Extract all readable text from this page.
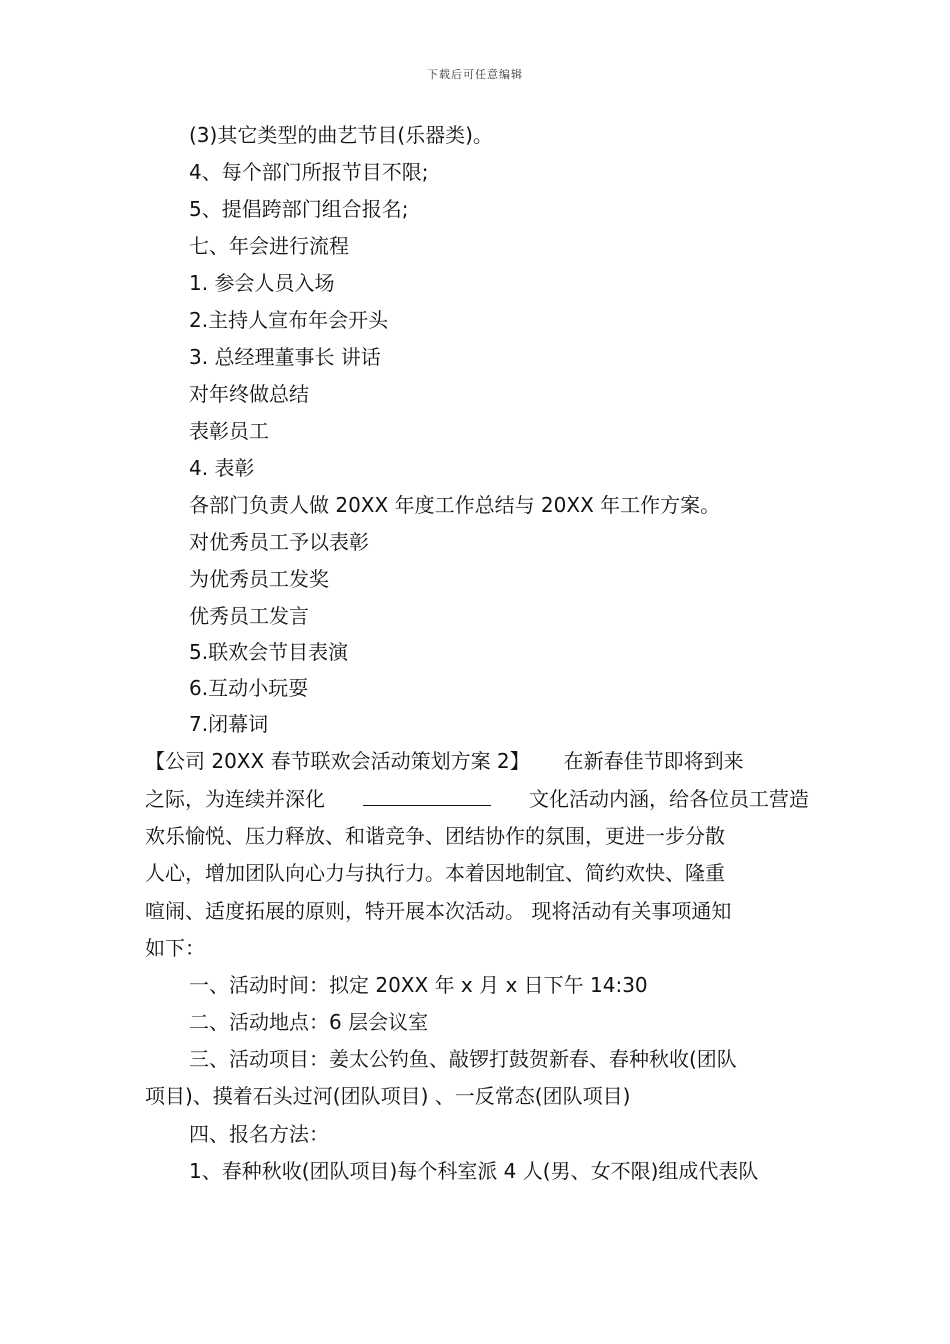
下载后可任意编辑
(3)其它类型的曲艺节目(乐器类)。
4、每个部门所报节目不限;
5、提倡跨部门组合报名;
七、年会进行流程
1. 参会人员入场
2.主持人宣布年会开头
3. 总经理董事长 讲话
对年终做总结
表彰员工
4. 表彰
各部门负责人做 20XX 年度工作总结与 20XX 年工作方案。
对优秀员工予以表彰
为优秀员工发奖
优秀员工发言
5.联欢会节目表演
6.互动小玩耍
7.闭幕词
【公司 20XX 春节联欢会活动策划方案 2】 在新春佳节即将到来
之际，为连续并深化	文化活动内涵，给各位员工营造
欢乐愉悦、压力释放、和谐竞争、团结协作的氛围，更进一步分散
人心，增加团队向心力与执行力。本着因地制宜、简约欢快、隆重
喧闹、适度拓展的原则，特开展本次活动。 现将活动有关事项通知
如下：
一、活动时间：拟定 20XX 年 x 月 x 日下午 14:30
二、活动地点：6 层会议室
三、活动项目：姜太公钓鱼、敲锣打鼓贺新春、春种秋收(团队
项目)、摸着石头过河(团队项目) 、一反常态(团队项目)
四、报名方法：
1、春种秋收(团队项目)每个科室派 4 人(男、女不限)组成代表队
